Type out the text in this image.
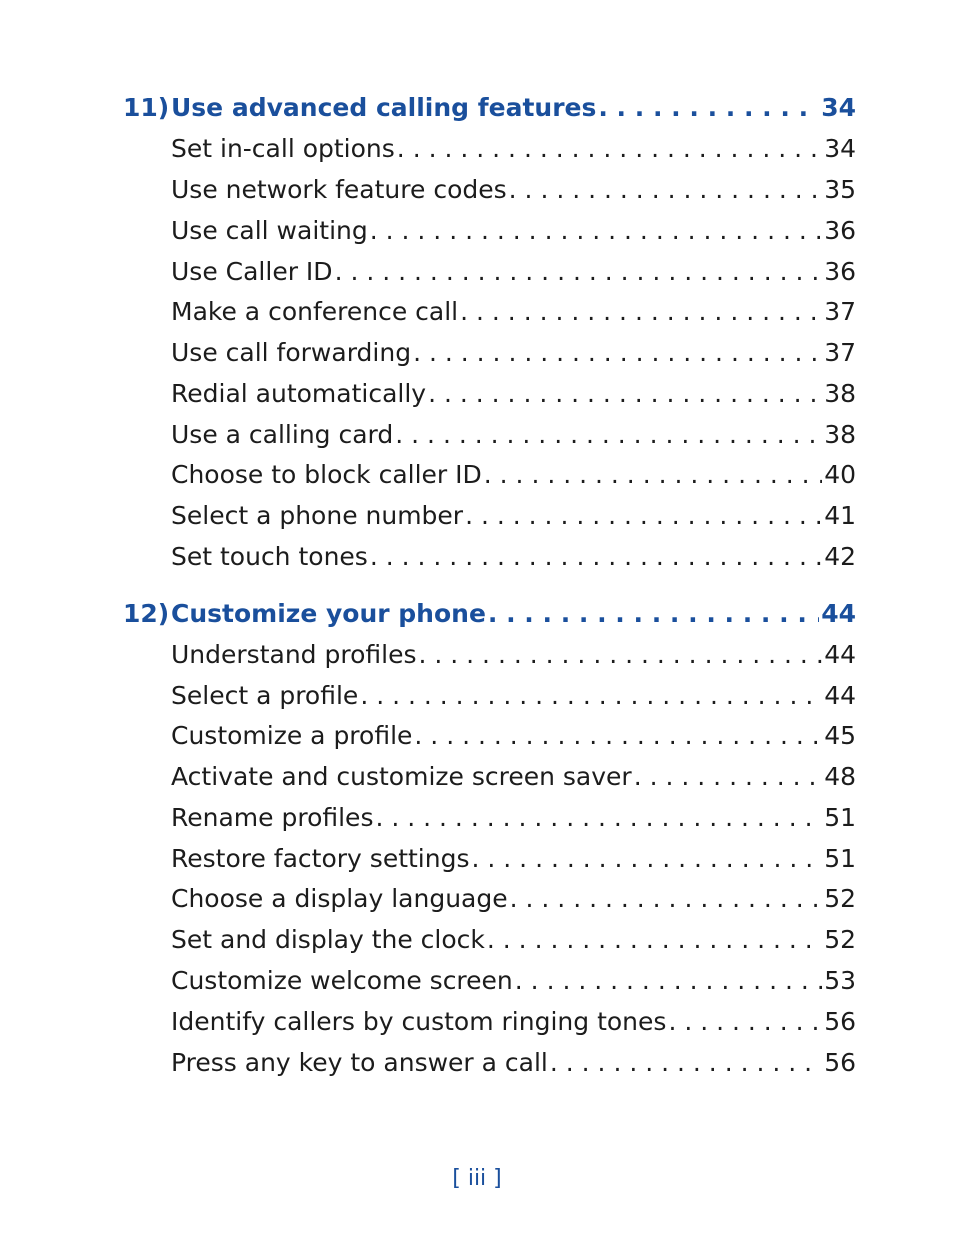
11) Use advanced calling features . . .	34
Set in-call options . . .	34
Use network feature codes . . .	35
Use call waiting . . .	36
Use Caller ID . . .	36
Make a conference call . . .	37
Use call forwarding . . .	37
Redial automatically . . .	38
Use a calling card . . .	38
Choose to block caller ID . . .	40
Select a phone number . . .	41
Set touch tones . . .	42
12) Customize your phone . . .	44
Understand profiles . . .	44
Select a profile . . .	44
Customize a profile . . .	45
Activate and customize screen saver . . .	48
Rename profiles . . .	51
Restore factory settings . . .	51
Choose a display language . . .	52
Set and display the clock . . .	52
Customize welcome screen . . .	53
Identify callers by custom ringing tones . . .	56
Press any key to answer a call . . .	56
[ iii ]
